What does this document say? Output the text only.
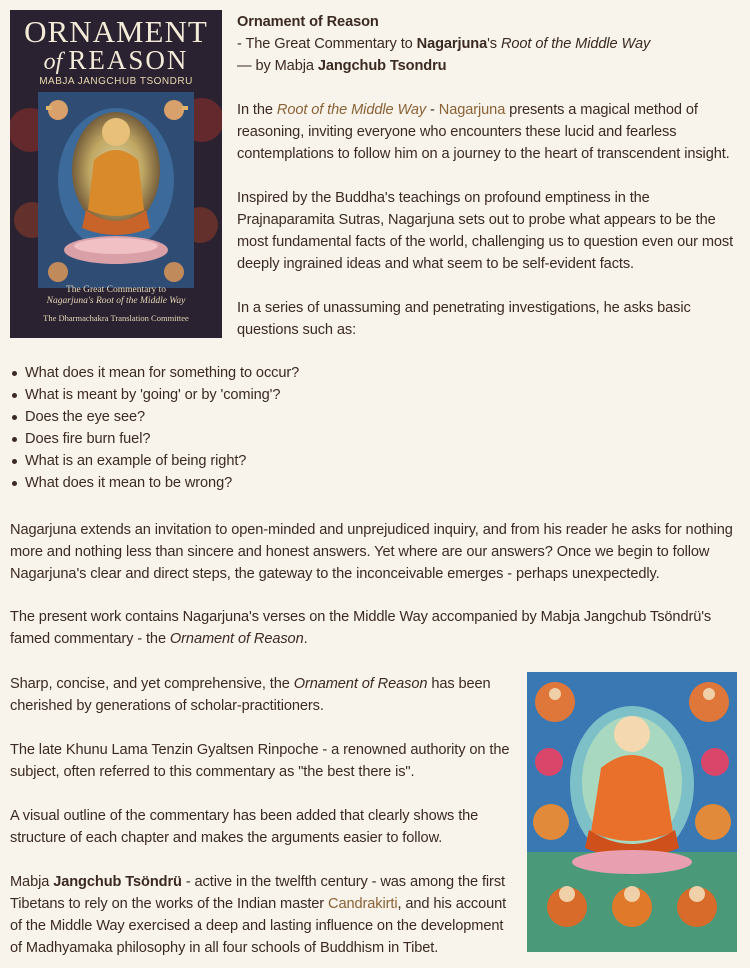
ORNAMENT
of REASON
MABJA JANGCHUB TSONDRU
The Great Commentary to
Nagarjuna's Root of the Middle Way
The Dharmachakra Translation Committee

Ornament of Reason

- The Great Commentary to Nagarjuna's Root of the Middle Way

— by Mabja Jangchub Tsondru

In the Root of the Middle Way - Nagarjuna presents a magical method of reasoning, inviting everyone who encounters these lucid and fearless contemplations to follow him on a journey to the heart of transcendent insight.

Inspired by the Buddha's teachings on profound emptiness in the Prajnaparamita Sutras, Nagarjuna sets out to probe what appears to be the most fundamental facts of the world, challenging us to question even our most deeply ingrained ideas and what seem to be self-evident facts.

In a series of unassuming and penetrating investigations, he asks basic questions such as:

What does it mean for something to occur?
What is meant by 'going' or by 'coming'?
Does the eye see?
Does fire burn fuel?
What is an example of being right?
What does it mean to be wrong?

Nagarjuna extends an invitation to open-minded and unprejudiced inquiry, and from his reader he asks for nothing more and nothing less than sincere and honest answers. Yet where are our answers? Once we begin to follow Nagarjuna's clear and direct steps, the gateway to the inconceivable emerges - perhaps unexpectedly.

The present work contains Nagarjuna's verses on the Middle Way accompanied by Mabja Jangchub Tsöndrü's famed commentary - the Ornament of Reason.

Sharp, concise, and yet comprehensive, the Ornament of Reason has been cherished by generations of scholar-practitioners.

The late Khunu Lama Tenzin Gyaltsen Rinpoche - a renowned authority on the subject, often referred to this commentary as "the best there is".

A visual outline of the commentary has been added that clearly shows the structure of each chapter and makes the arguments easier to follow.

Mabja Jangchub Tsöndrü - active in the twelfth century - was among the first Tibetans to rely on the works of the Indian master Candrakirti, and his account of the Middle Way exercised a deep and lasting influence on the development of Madhyamaka philosophy in all four schools of Buddhism in Tibet.
